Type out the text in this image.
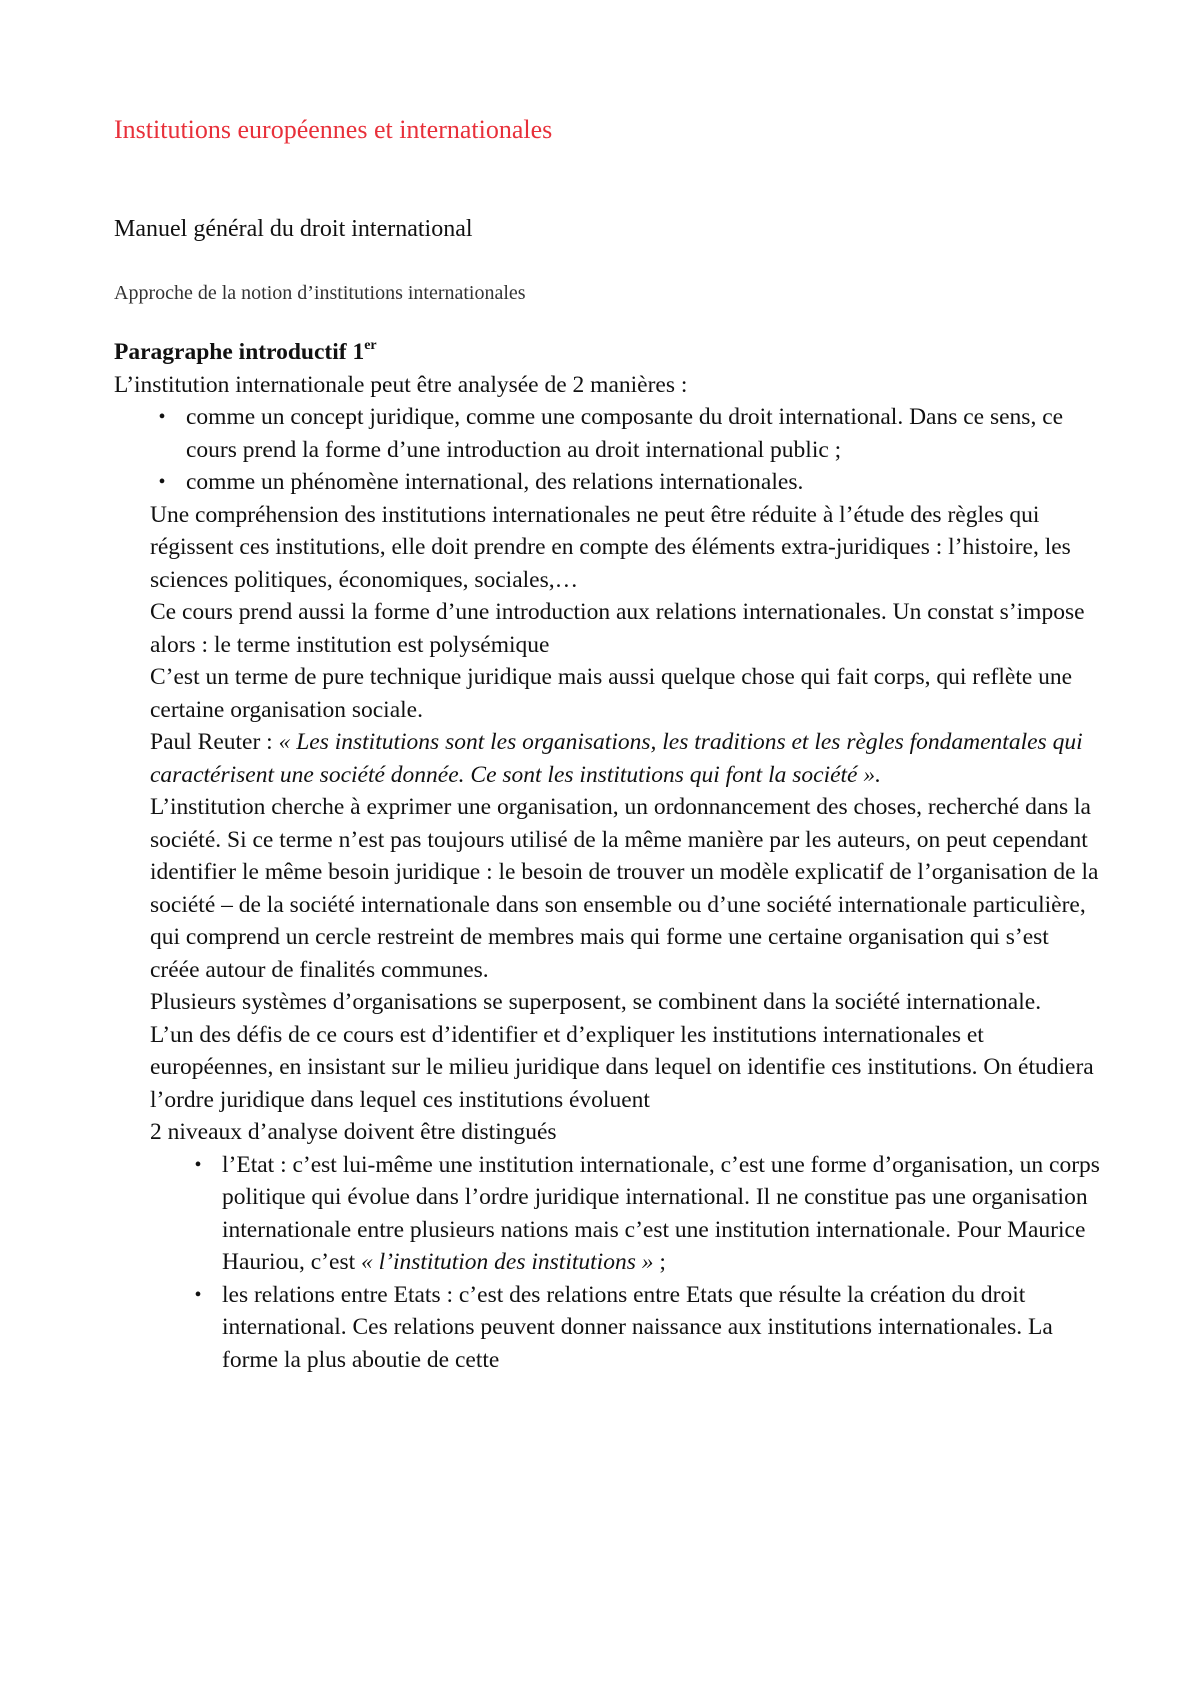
Institutions européennes et internationales
Manuel général du droit international
Approche de la notion d’institutions internationales

Paragraphe introductif 1er

L’institution internationale peut être analysée de 2 manières :

• comme un concept juridique, comme une composante du droit international. Dans ce sens, ce cours prend la forme d’une introduction au droit international public ;
• comme un phénomène international, des relations internationales.

Une compréhension des institutions internationales ne peut être réduite à l’étude des règles qui régissent ces institutions, elle doit prendre en compte des éléments extra-juridiques : l’histoire, les sciences politiques, économiques, sociales,…

Ce cours prend aussi la forme d’une introduction aux relations internationales. Un constat s’impose alors : le terme institution est polysémique

C’est un terme de pure technique juridique mais aussi quelque chose qui fait corps, qui reflète une certaine organisation sociale.

Paul Reuter : « Les institutions sont les organisations, les traditions et les règles fondamentales qui caractérisent une société donnée. Ce sont les institutions qui font la société ».

L’institution cherche à exprimer une organisation, un ordonnancement des choses, recherché dans la société. Si ce terme n’est pas toujours utilisé de la même manière par les auteurs, on peut cependant identifier le même besoin juridique : le besoin de trouver un modèle explicatif de l’organisation de la société – de la société internationale dans son ensemble ou d’une société internationale particulière, qui comprend un cercle restreint de membres mais qui forme une certaine organisation qui s’est créée autour de finalités communes.

Plusieurs systèmes d’organisations se superposent, se combinent dans la société internationale.

L’un des défis de ce cours est d’identifier et d’expliquer les institutions internationales et européennes, en insistant sur le milieu juridique dans lequel on identifie ces institutions. On étudiera l’ordre juridique dans lequel ces institutions évoluent

2 niveaux d’analyse doivent être distingués

• l’Etat : c’est lui-même une institution internationale, c’est une forme d’organisation, un corps politique qui évolue dans l’ordre juridique international. Il ne constitue pas une organisation internationale entre plusieurs nations mais c’est une institution internationale. Pour Maurice Hauriou, c’est « l’institution des institutions » ;
• les relations entre Etats : c’est des relations entre Etats que résulte la création du droit international. Ces relations peuvent donner naissance aux institutions internationales. La forme la plus aboutie de cette
